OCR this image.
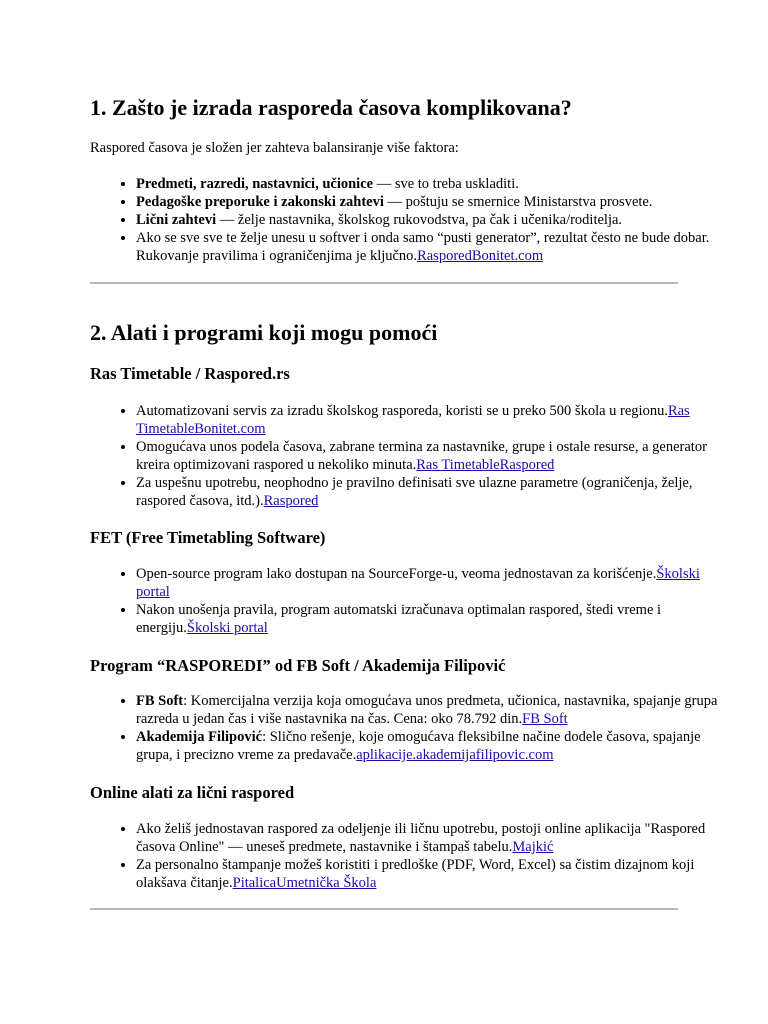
1. Zašto je izrada rasporeda časova komplikovana?

Raspored časova je složen jer zahteva balansiranje više faktora:

• Predmeti, razredi, nastavnici, učionice — sve to treba uskladiti.
• Pedagoške preporuke i zakonski zahtevi — poštuju se smernice Ministarstva prosvete.
• Lični zahtevi — želje nastavnika, školskog rukovodstva, pa čak i učenika/roditelja.
• Ako se sve sve te želje unesu u softver i onda samo “pusti generator”, rezultat često ne bude dobar. Rukovanje pravilima i ograničenjima je ključno.RasporedBonitet.com
2. Alati i programi koji mogu pomoći
Ras Timetable / Raspored.rs
• Automatizovani servis za izradu školskog rasporeda, koristi se u preko 500 škola u regionu.Ras TimetableBonitet.com
• Omogućava unos podela časova, zabrane termina za nastavnike, grupe i ostale resurse, a generator kreira optimizovani raspored u nekoliko minuta.Ras TimetableRaspored
• Za uspešnu upotrebu, neophodno je pravilno definisati sve ulazne parametre (ograničenja, želje, raspored časova, itd.).Raspored
FET (Free Timetabling Software)
• Open-source program lako dostupan na SourceForge-u, veoma jednostavan za korišćenje.Školski portal
• Nakon unošenja pravila, program automatski izračunava optimalan raspored, štedi vreme i energiju.Školski portal
Program “RASPOREDI” od FB Soft / Akademija Filipović
• FB Soft: Komercijalna verzija koja omogućava unos predmeta, učionica, nastavnika, spajanje grupa razreda u jedan čas i više nastavnika na čas. Cena: oko 78.792 din.FB Soft
• Akademija Filipović: Slično rešenje, koje omogućava fleksibilne načine dodele časova, spajanje grupa, i precizno vreme za predavače.aplikacije.akademijafilipovic.com
Online alati za lični raspored
• Ako želiš jednostavan raspored za odeljenje ili ličnu upotrebu, postoji online aplikacija "Raspored časova Online" — uneseš predmete, nastavnike i štampaš tabelu.Majkić
• Za personalno štampanje možeš koristiti i predloške (PDF, Word, Excel) sa čistim dizajnom koji olakšava čitanje.PitalicaUmetnička Škola
